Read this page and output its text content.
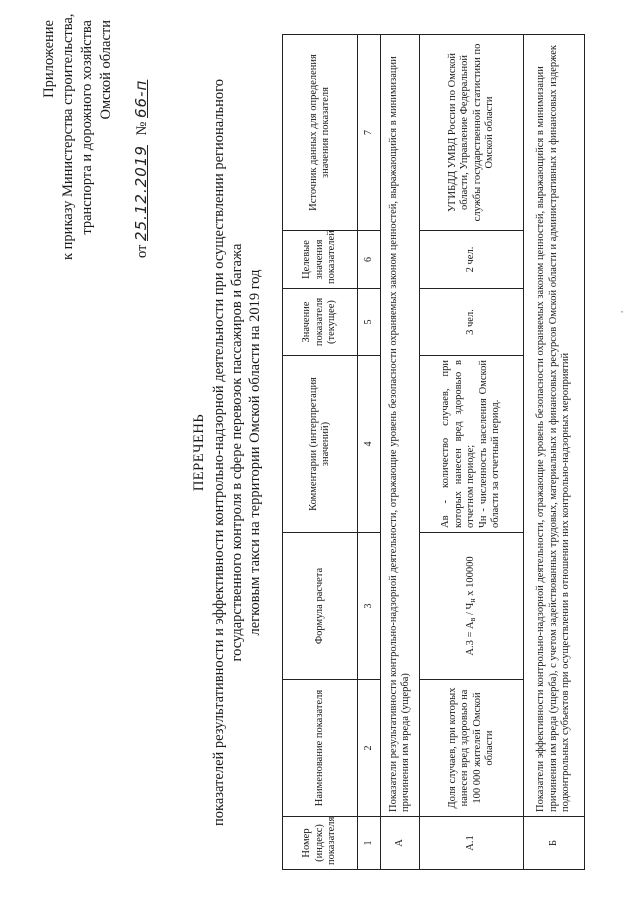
Приложение к приказу Министерства строительства, транспорта и дорожного хозяйства Омской области
от 25.12.2019 № 66-п
ПЕРЕЧЕНЬ показателей результативности и эффективности контрольно-надзорной деятельности при осуществлении регионального государственного контроля в сфере перевозок пассажиров и багажа легковым такси на территории Омской области на 2019 год
Номер (индекс) показателя	Наименование показателя	Формула расчета	Комментарии (интерпретация значений)	Значение показателя (текущее)	Целевые значения показателей	Источник данных для определения значения показателя
1	2	3	4	5	6	7
А	Показатели результативности контрольно-надзорной деятельности, отражающие уровень безопасности охраняемых законом ценностей, выражающийся в минимизации причинения им вреда (ущерба)					
А.1	Доля случаев, при которых нанесен вред здоровью на 100 000 жителей Омской области	А.3 = Ав / Чн х 100000	Ав - количество случаев, при которых нанесен вред здоровью в отчетном периоде; Чн - численность населения Омской области за отчетный период.	3 чел.	2 чел.	УГИБДД УМВД России по Омской области, Управление Федеральной службы государственной статистики по Омской области
Б	Показатели эффективности контрольно-надзорной деятельности, отражающие уровень безопасности охраняемых законом ценностей, выражающийся в минимизации причинения им вреда (ущерба), с учетом задействованных трудовых, материальных и финансовых ресурсов Омской области и административных и финансовых издержек подконтрольных субъектов при осуществлении в отношении них контрольно-надзорных мероприятий					
'
